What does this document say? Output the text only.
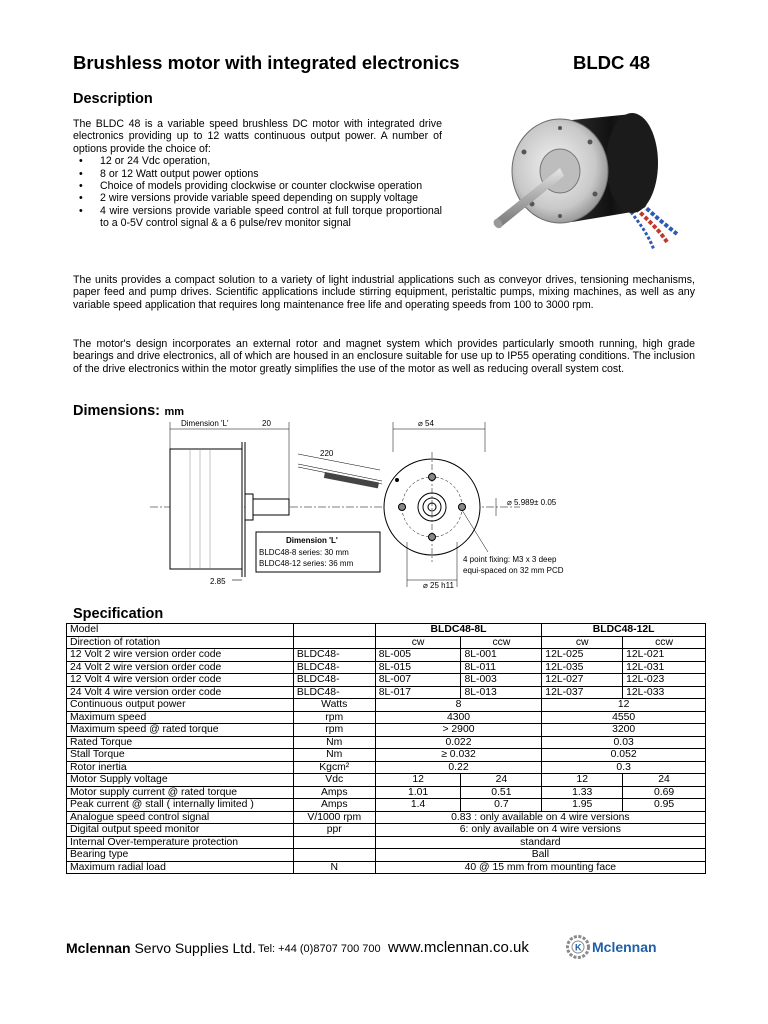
Brushless motor with integrated electronics	BLDC 48
Description
The BLDC 48 is a variable speed brushless DC motor with integrated drive electronics providing up to 12 watts continuous output power. A number of options provide the choice of:
• 12 or 24 Vdc operation,
• 8 or 12 Watt output power options
• Choice of models providing clockwise or counter clockwise operation
• 2 wire versions provide variable speed depending on supply voltage
• 4 wire versions provide variable speed control at full torque proportional to a 0-5V control signal & a 6 pulse/rev monitor signal
The units provides a compact solution to a variety of light industrial applications such as conveyor drives, tensioning mechanisms, paper feed and pump drives. Scientific applications include stirring equipment, peristaltic pumps, mixing machines, as well as any variable speed application that requires long maintenance free life and operating speeds from 100 to 3000 rpm.
The motor's design incorporates an external rotor and magnet system which provides particularly smooth running, high grade bearings and drive electronics, all of which are housed in an enclosure suitable for use up to IP55 operating conditions. The inclusion of the drive electronics within the motor greatly simplifies the use of the motor as well as reducing overall system cost.
Dimensions: mm
Dimension 'L'	20
220
⌀ 54
⌀ 5.989± 0.05
4 point fixing: M3 x 3 deep
equi-spaced on 32 mm PCD
⌀ 25 h11
2.85
Dimension 'L'
BLDC48-8 series: 30 mm
BLDC48-12 series: 36 mm
Specification
Model		BLDC48-8L		BLDC48-12L	
Direction of rotation		cw	ccw	cw	ccw
12 Volt 2 wire version order code	BLDC48-	8L-005	8L-001	12L-025	12L-021
24 Volt 2 wire version order code	BLDC48-	8L-015	8L-011	12L-035	12L-031
12 Volt 4 wire version order code	BLDC48-	8L-007	8L-003	12L-027	12L-023
24 Volt 4 wire version order code	BLDC48-	8L-017	8L-013	12L-037	12L-033
Continuous output power	Watts	8		12	
Maximum speed	rpm	4300		4550	
Maximum speed @ rated torque	rpm	> 2900		3200	
Rated Torque	Nm	0.022		0.03	
Stall Torque	Nm	≥ 0.032		0.052	
Rotor inertia	Kgcm²	0.22		0.3	
Motor Supply voltage	Vdc	12	24	12	24
Motor supply current @ rated torque	Amps	1.01	0.51	1.33	0.69
Peak current @ stall ( internally limited )	Amps	1.4	0.7	1.95	0.95
Analogue speed control signal	V/1000 rpm	0.83 : only available on 4 wire versions			
Digital output speed monitor	ppr	6: only available on 4 wire versions			
Internal Over-temperature protection		standard			
Bearing type		Ball			
Maximum radial load	N	40 @ 15 mm from mounting face			
Mclennan Servo Supplies Ltd. Tel: +44 (0)8707 700 700 www.mclennan.co.uk	K Mclennan
